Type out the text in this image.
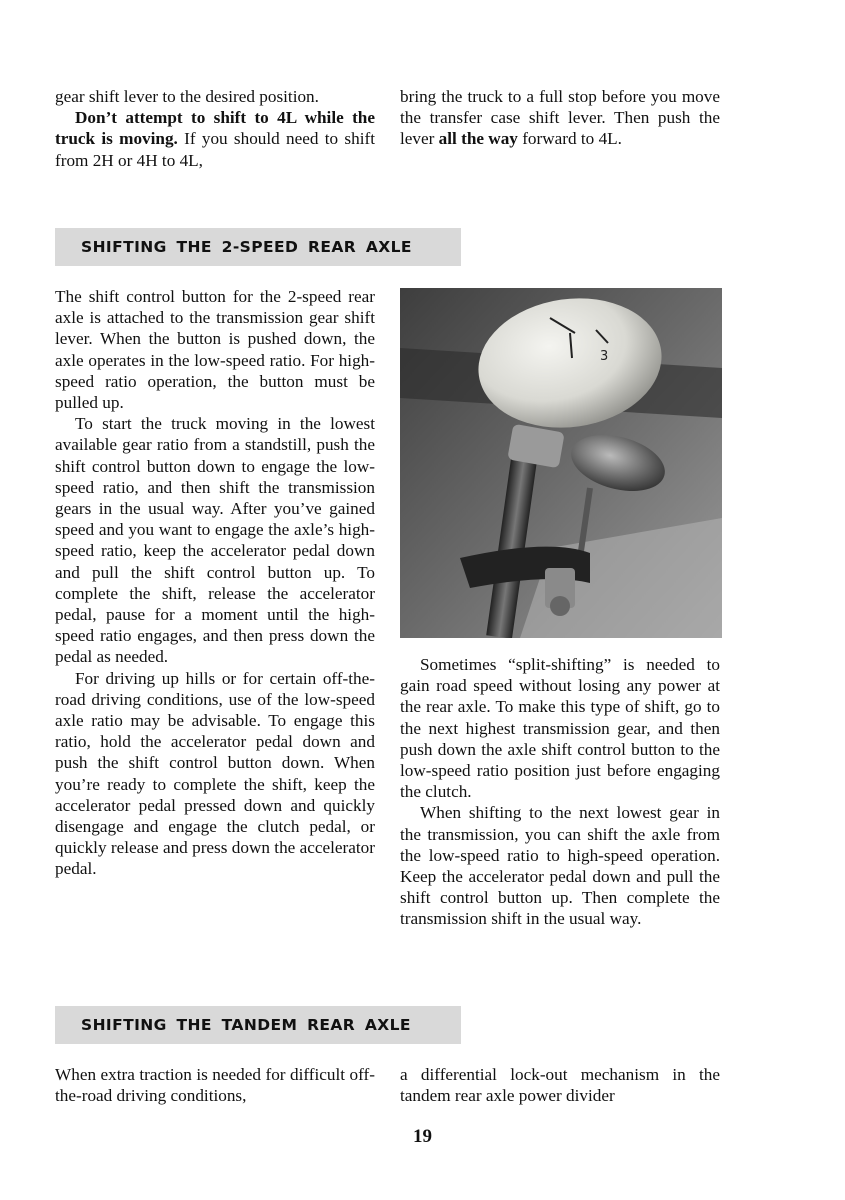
gear shift lever to the desired position.

Don’t attempt to shift to 4L while the truck is moving. If you should need to shift from 2H or 4H to 4L,

bring the truck to a full stop before you move the transfer case shift lever. Then push the lever all the way forward to 4L.

SHIFTING THE 2-SPEED REAR AXLE

The shift control button for the 2-speed rear axle is attached to the transmission gear shift lever. When the button is pushed down, the axle operates in the low-speed ratio. For high-speed ratio operation, the button must be pulled up.

To start the truck moving in the lowest available gear ratio from a standstill, push the shift control button down to engage the low-speed ratio, and then shift the transmission gears in the usual way. After you’ve gained speed and you want to engage the axle’s high-speed ratio, keep the accelerator pedal down and pull the shift control button up. To complete the shift, release the accelerator pedal, pause for a moment until the high-speed ratio engages, and then press down the pedal as needed.

For driving up hills or for certain off-the-road driving conditions, use of the low-speed axle ratio may be advisable. To engage this ratio, hold the accelerator pedal down and push the shift control button down. When you’re ready to complete the shift, keep the accelerator pedal pressed down and quickly disengage and engage the clutch pedal, or quickly release and press down the accelerator pedal.

3

Sometimes “split-shifting” is needed to gain road speed without losing any power at the rear axle. To make this type of shift, go to the next highest transmission gear, and then push down the axle shift control button to the low-speed ratio position just before engaging the clutch.

When shifting to the next lowest gear in the transmission, you can shift the axle from the low-speed ratio to high-speed operation. Keep the accelerator pedal down and pull the shift control button up. Then complete the transmission shift in the usual way.

SHIFTING THE TANDEM REAR AXLE

When extra traction is needed for difficult off-the-road driving conditions,

a differential lock-out mechanism in the tandem rear axle power divider

19
